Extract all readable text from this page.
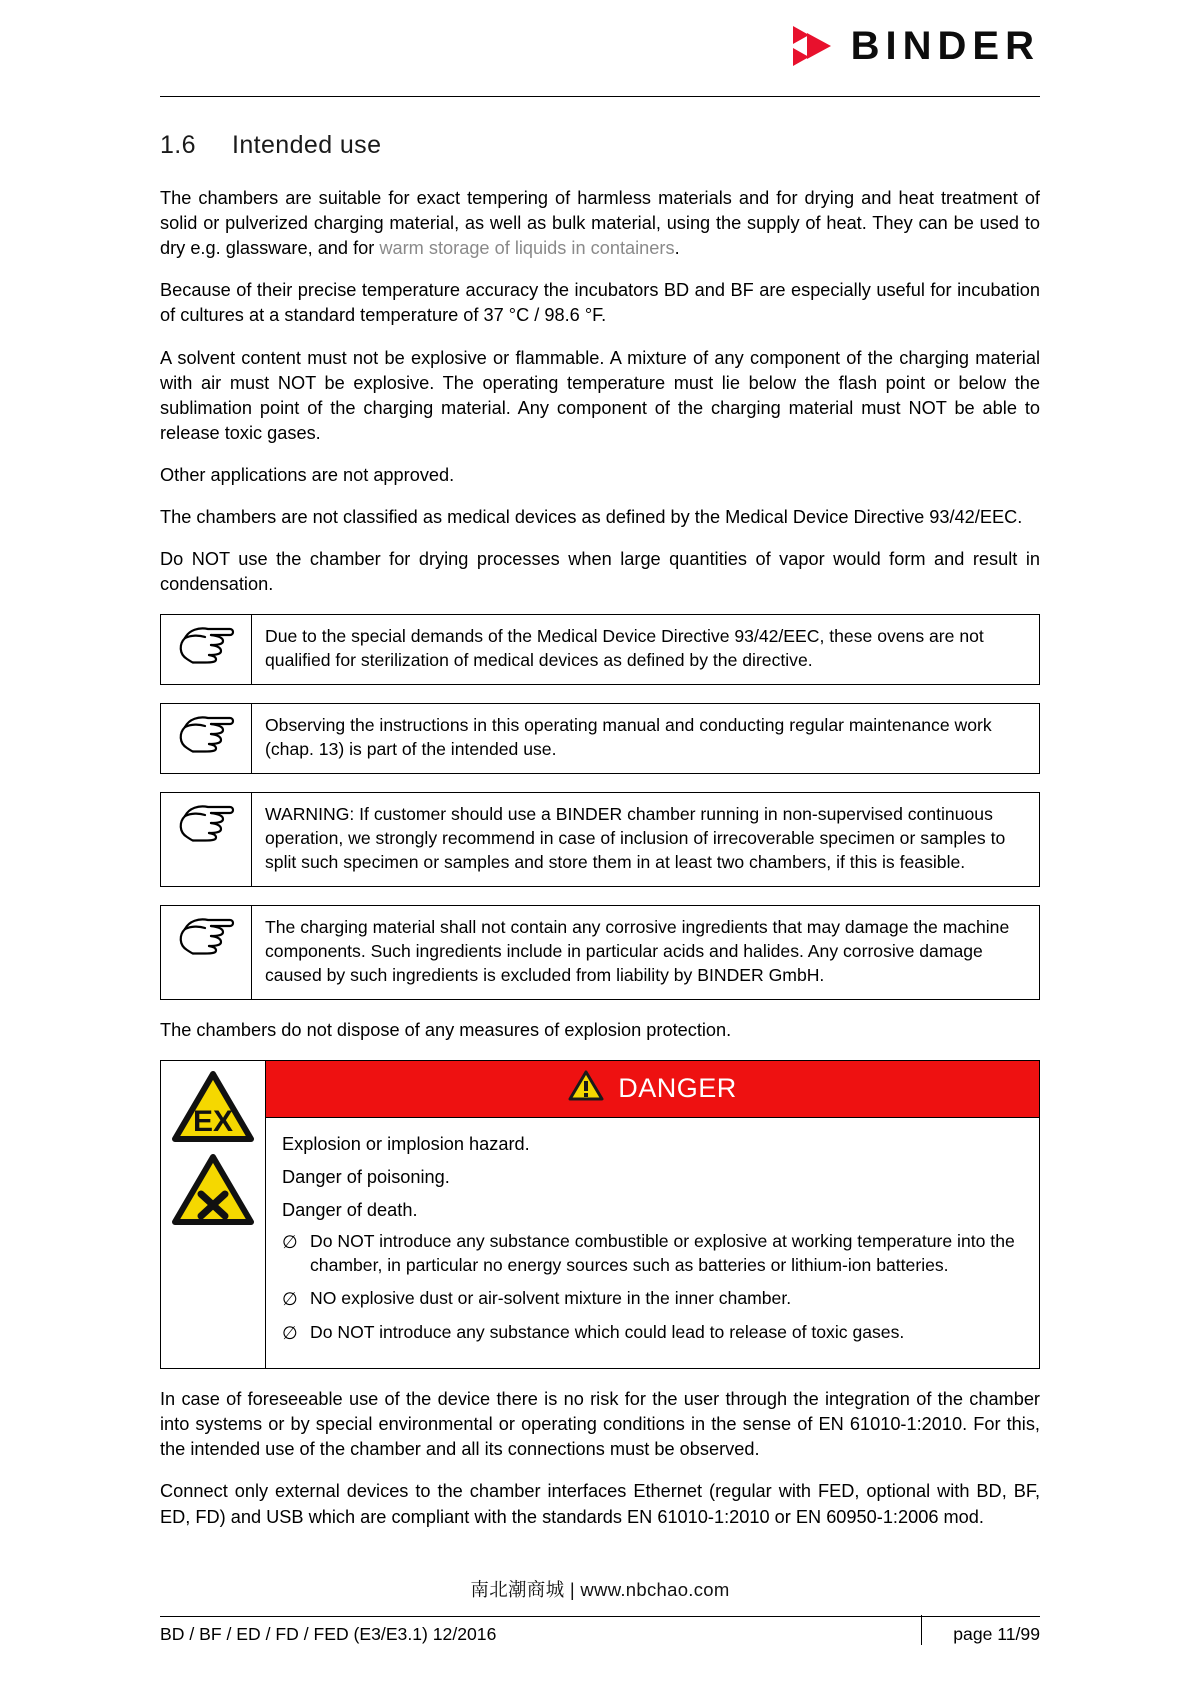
BINDER
1.6 Intended use

The chambers are suitable for exact tempering of harmless materials and for drying and heat treatment of solid or pulverized charging material, as well as bulk material, using the supply of heat. They can be used to dry e.g. glassware, and for warm storage of liquids in containers.

Because of their precise temperature accuracy the incubators BD and BF are especially useful for incubation of cultures at a standard temperature of 37 °C / 98.6 °F.

A solvent content must not be explosive or flammable. A mixture of any component of the charging material with air must NOT be explosive. The operating temperature must lie below the flash point or below the sublimation point of the charging material. Any component of the charging material must NOT be able to release toxic gases.

Other applications are not approved.

The chambers are not classified as medical devices as defined by the Medical Device Directive 93/42/EEC.

Do NOT use the chamber for drying processes when large quantities of vapor would form and result in condensation.

Due to the special demands of the Medical Device Directive 93/42/EEC, these ovens are not qualified for sterilization of medical devices as defined by the directive.
Observing the instructions in this operating manual and conducting regular maintenance work (chap. 13) is part of the intended use.
WARNING: If customer should use a BINDER chamber running in non-supervised continuous operation, we strongly recommend in case of inclusion of irrecoverable specimen or samples to split such specimen or samples and store them in at least two chambers, if this is feasible.
The charging material shall not contain any corrosive ingredients that may damage the machine components. Such ingredients include in particular acids and halides. Any corrosive damage caused by such ingredients is excluded from liability by BINDER GmbH.

The chambers do not dispose of any measures of explosion protection.

EX
DANGER
Explosion or implosion hazard.
Danger of poisoning.
Danger of death.
∅ Do NOT introduce any substance combustible or explosive at working temperature into the chamber, in particular no energy sources such as batteries or lithium-ion batteries.
∅ NO explosive dust or air-solvent mixture in the inner chamber.
∅ Do NOT introduce any substance which could lead to release of toxic gases.

In case of foreseeable use of the device there is no risk for the user through the integration of the chamber into systems or by special environmental or operating conditions in the sense of EN 61010-1:2010. For this, the intended use of the chamber and all its connections must be observed.

Connect only external devices to the chamber interfaces Ethernet (regular with FED, optional with BD, BF, ED, FD) and USB which are compliant with the standards EN 61010-1:2010 or EN 60950-1:2006 mod.

南北潮商城 | www.nbchao.com
BD / BF / ED / FD / FED (E3/E3.1) 12/2016	page 11/99
